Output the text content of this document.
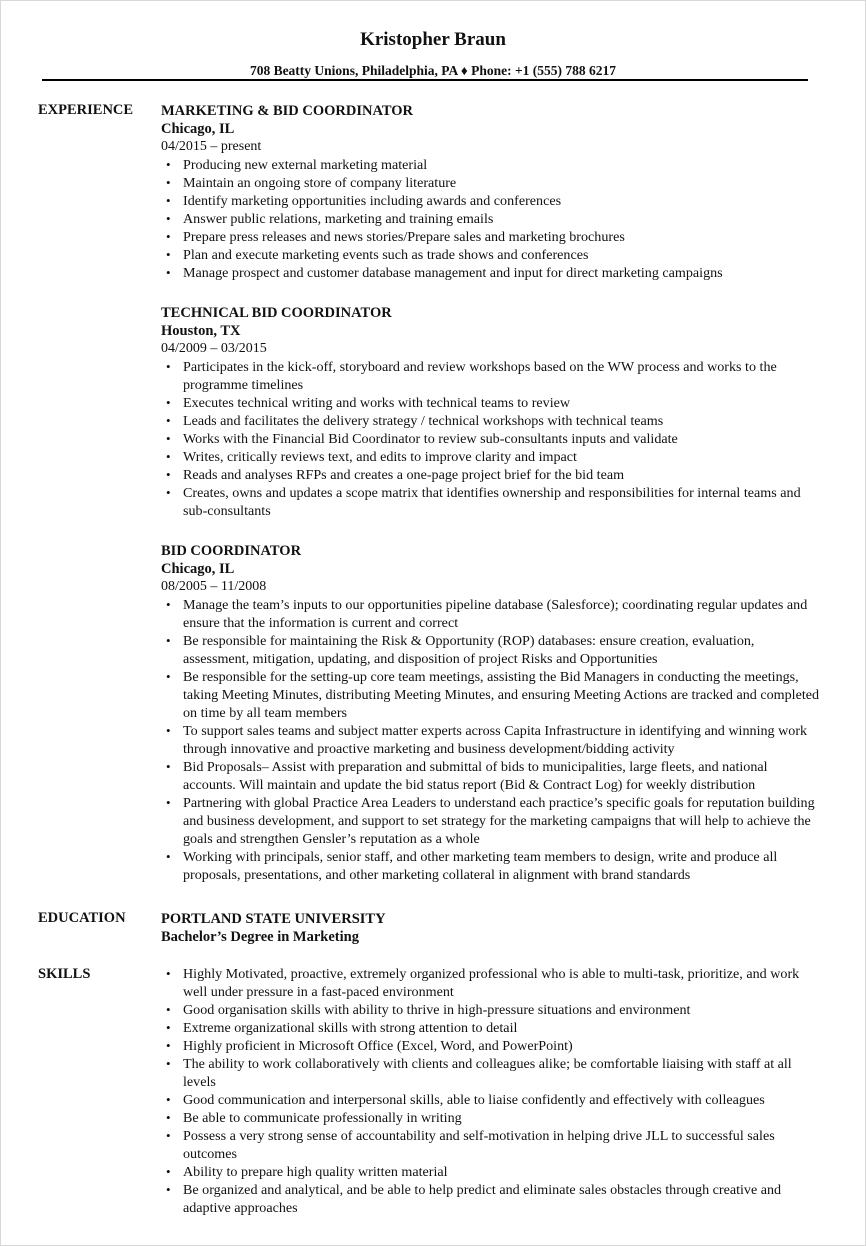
Kristopher Braun
708 Beatty Unions, Philadelphia, PA ♦ Phone: +1 (555) 788 6217
EXPERIENCE MARKETING & BID COORDINATOR
Chicago, IL
04/2015 – present
• Producing new external marketing material
• Maintain an ongoing store of company literature
• Identify marketing opportunities including awards and conferences
• Answer public relations, marketing and training emails
• Prepare press releases and news stories/Prepare sales and marketing brochures
• Plan and execute marketing events such as trade shows and conferences
• Manage prospect and customer database management and input for direct marketing campaigns
TECHNICAL BID COORDINATOR
Houston, TX
04/2009 – 03/2015
• Participates in the kick-off, storyboard and review workshops based on the WW process and works to the programme timelines
• Executes technical writing and works with technical teams to review
• Leads and facilitates the delivery strategy / technical workshops with technical teams
• Works with the Financial Bid Coordinator to review sub-consultants inputs and validate
• Writes, critically reviews text, and edits to improve clarity and impact
• Reads and analyses RFPs and creates a one-page project brief for the bid team
• Creates, owns and updates a scope matrix that identifies ownership and responsibilities for internal teams and sub-consultants
BID COORDINATOR
Chicago, IL
08/2005 – 11/2008
• Manage the team’s inputs to our opportunities pipeline database (Salesforce); coordinating regular updates and ensure that the information is current and correct
• Be responsible for maintaining the Risk & Opportunity (ROP) databases: ensure creation, evaluation, assessment, mitigation, updating, and disposition of project Risks and Opportunities
• Be responsible for the setting-up core team meetings, assisting the Bid Managers in conducting the meetings, taking Meeting Minutes, distributing Meeting Minutes, and ensuring Meeting Actions are tracked and completed on time by all team members
• To support sales teams and subject matter experts across Capita Infrastructure in identifying and winning work through innovative and proactive marketing and business development/bidding activity
• Bid Proposals– Assist with preparation and submittal of bids to municipalities, large fleets, and national accounts. Will maintain and update the bid status report (Bid & Contract Log) for weekly distribution
• Partnering with global Practice Area Leaders to understand each practice’s specific goals for reputation building and business development, and support to set strategy for the marketing campaigns that will help to achieve the goals and strengthen Gensler’s reputation as a whole
• Working with principals, senior staff, and other marketing team members to design, write and produce all proposals, presentations, and other marketing collateral in alignment with brand standards
EDUCATION PORTLAND STATE UNIVERSITY
Bachelor’s Degree in Marketing
SKILLS
•	Highly Motivated, proactive, extremely organized professional who is able to multi-task, prioritize, and work well under pressure in a fast-paced environment
• Good organisation skills with ability to thrive in high-pressure situations and environment
• Extreme organizational skills with strong attention to detail
• Highly proficient in Microsoft Office (Excel, Word, and PowerPoint)
• The ability to work collaboratively with clients and colleagues alike; be comfortable liaising with staff at all levels
• Good communication and interpersonal skills, able to liaise confidently and effectively with colleagues
• Be able to communicate professionally in writing
• Possess a very strong sense of accountability and self-motivation in helping drive JLL to successful sales outcomes
• Ability to prepare high quality written material
• Be organized and analytical, and be able to help predict and eliminate sales obstacles through creative and adaptive approaches
